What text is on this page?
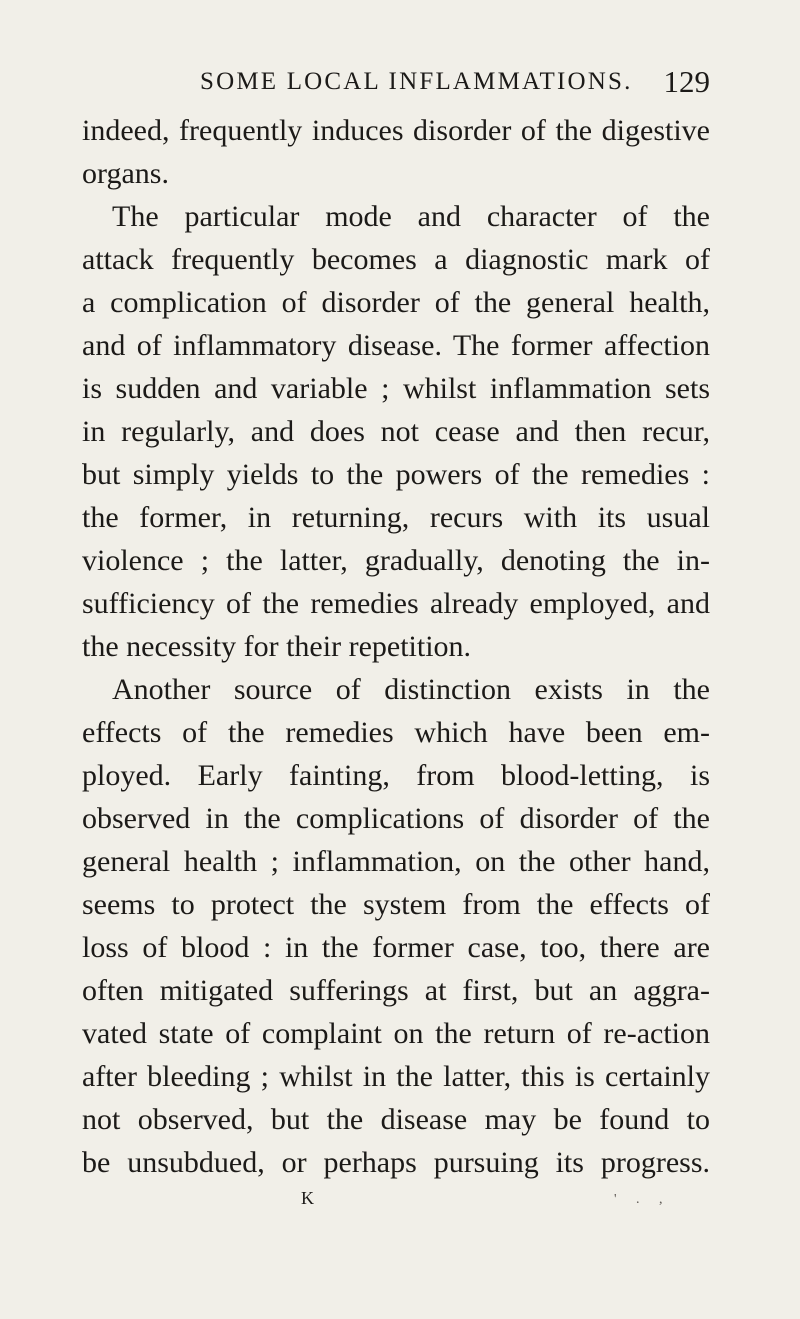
SOME LOCAL INFLAMMATIONS. 129
indeed, frequently induces disorder of the digestive
organs.
The particular mode and character of the
attack frequently becomes a diagnostic mark of
a complication of disorder of the general health,
and of inflammatory disease. The former affection
is sudden and variable ; whilst inflammation sets
in regularly, and does not cease and then recur,
but simply yields to the powers of the remedies :
the former, in returning, recurs with its usual
violence ; the latter, gradually, denoting the in-
sufficiency of the remedies already employed, and
the necessity for their repetition.
Another source of distinction exists in the
effects of the remedies which have been em-
ployed. Early fainting, from blood-letting, is
observed in the complications of disorder of the
general health ; inflammation, on the other hand,
seems to protect the system from the effects of
loss of blood : in the former case, too, there are
often mitigated sufferings at first, but an aggra-
vated state of complaint on the return of re-action
after bleeding ; whilst in the latter, this is certainly
not observed, but the disease may be found to
be unsubdued, or perhaps pursuing its progress.
K	' . ,
